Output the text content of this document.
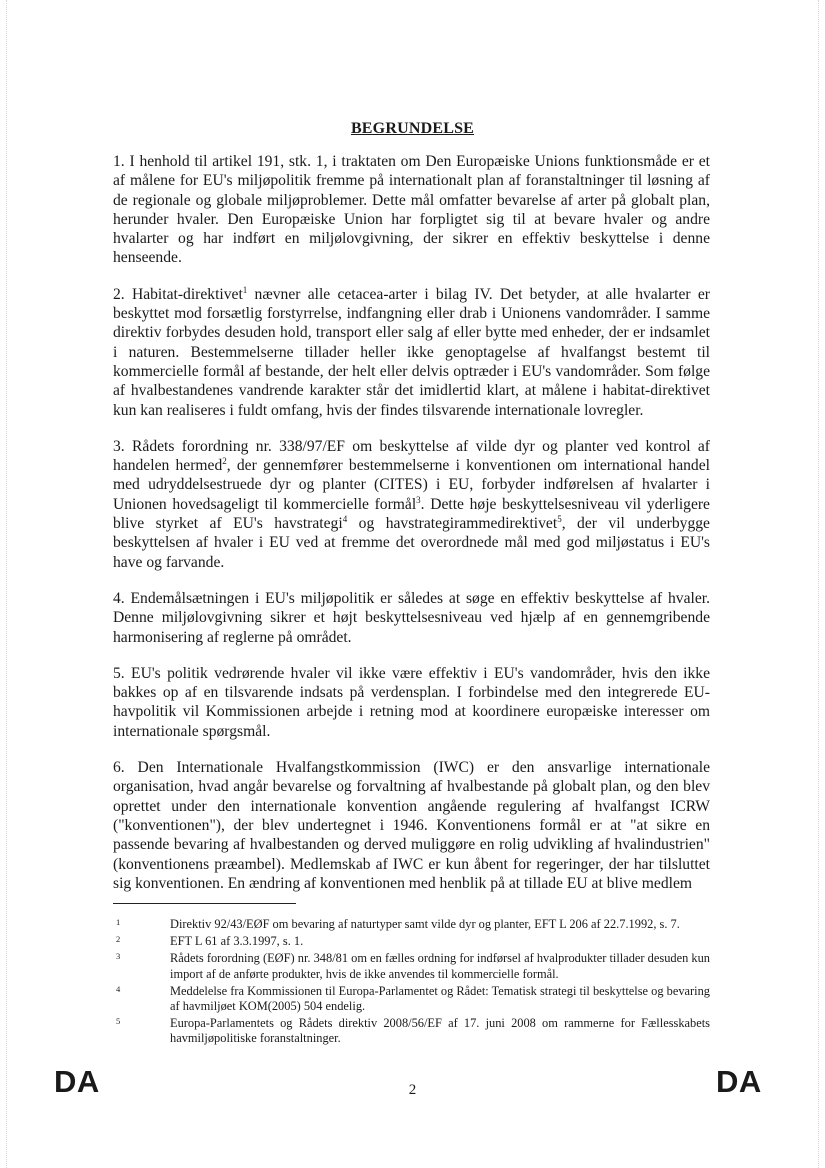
BEGRUNDELSE

1. I henhold til artikel 191, stk. 1, i traktaten om Den Europæiske Unions funktionsmåde er et af målene for EU's miljøpolitik fremme på internationalt plan af foranstaltninger til løsning af de regionale og globale miljøproblemer. Dette mål omfatter bevarelse af arter på globalt plan, herunder hvaler. Den Europæiske Union har forpligtet sig til at bevare hvaler og andre hvalarter og har indført en miljølovgivning, der sikrer en effektiv beskyttelse i denne henseende.

2. Habitat-direktivet$^1$ nævner alle cetacea-arter i bilag IV. Det betyder, at alle hvalarter er beskyttet mod forsætlig forstyrrelse, indfangning eller drab i Unionens vandområder. I samme direktiv forbydes desuden hold, transport eller salg af eller bytte med enheder, der er indsamlet i naturen. Bestemmelserne tillader heller ikke genoptagelse af hvalfangst bestemt til kommercielle formål af bestande, der helt eller delvis optræder i EU's vandområder. Som følge af hvalbestandenes vandrende karakter står det imidlertid klart, at målene i habitat-direktivet kun kan realiseres i fuldt omfang, hvis der findes tilsvarende internationale lovregler.

3. Rådets forordning nr. 338/97/EF om beskyttelse af vilde dyr og planter ved kontrol af handelen hermed$^2$, der gennemfører bestemmelserne i konventionen om international handel med udryddelsestruede dyr og planter (CITES) i EU, forbyder indførelsen af hvalarter i Unionen hovedsageligt til kommercielle formål$^3$. Dette høje beskyttelsesniveau vil yderligere blive styrket af EU's havstrategi$^4$ og havstrategirammedirektivet$^5$, der vil underbygge beskyttelsen af hvaler i EU ved at fremme det overordnede mål med god miljøstatus i EU's have og farvande.

4. Endemålsætningen i EU's miljøpolitik er således at søge en effektiv beskyttelse af hvaler. Denne miljølovgivning sikrer et højt beskyttelsesniveau ved hjælp af en gennemgribende harmonisering af reglerne på området.

5. EU's politik vedrørende hvaler vil ikke være effektiv i EU's vandområder, hvis den ikke bakkes op af en tilsvarende indsats på verdensplan. I forbindelse med den integrerede EU-havpolitik vil Kommissionen arbejde i retning mod at koordinere europæiske interesser om internationale spørgsmål.

6. Den Internationale Hvalfangstkommission (IWC) er den ansvarlige internationale organisation, hvad angår bevarelse og forvaltning af hvalbestande på globalt plan, og den blev oprettet under den internationale konvention angående regulering af hvalfangst ICRW ("konventionen"), der blev undertegnet i 1946. Konventionens formål er at "at sikre en passende bevaring af hvalbestanden og derved muliggøre en rolig udvikling af hvalindustrien" (konventionens præambel). Medlemskab af IWC er kun åbent for regeringer, der har tilsluttet sig konventionen. En ændring af konventionen med henblik på at tillade EU at blive medlem

1	Direktiv 92/43/EØF om bevaring af naturtyper samt vilde dyr og planter, EFT L 206 af 22.7.1992, s. 7.
2	EFT L 61 af 3.3.1997, s. 1.
3	Rådets forordning (EØF) nr. 348/81 om en fælles ordning for indførsel af hvalprodukter tillader desuden kun import af de anførte produkter, hvis de ikke anvendes til kommercielle formål.
4	Meddelelse fra Kommissionen til Europa-Parlamentet og Rådet: Tematisk strategi til beskyttelse og bevaring af havmiljøet KOM(2005) 504 endelig.
5	Europa-Parlamentets og Rådets direktiv 2008/56/EF af 17. juni 2008 om rammerne for Fællesskabets havmiljøpolitiske foranstaltninger.
DA	2	DA
